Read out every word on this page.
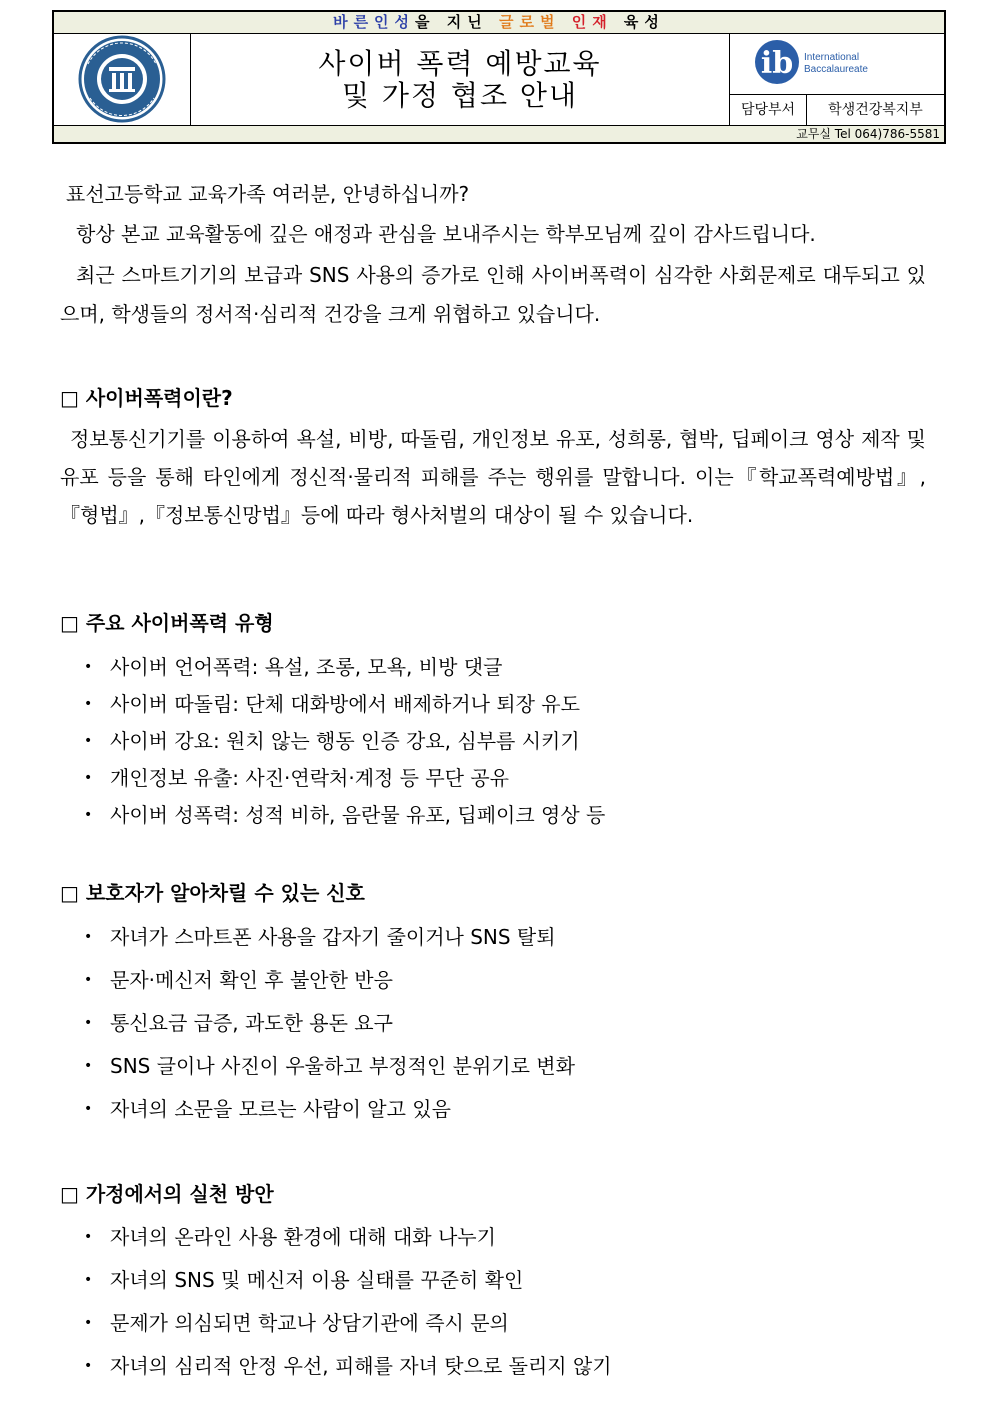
바른인성을 지닌 글로벌 인재 육성
사이버 폭력 예방교육
및 가정 협조 안내
ib International
Baccalaureate
담당부서	학생건강복지부
교무실 Tel 064)786-5581
표선고등학교 교육가족 여러분, 안녕하십니까?
항상 본교 교육활동에 깊은 애정과 관심을 보내주시는 학부모님께 깊이 감사드립니다.
최근 스마트기기의 보급과 SNS 사용의 증가로 인해 사이버폭력이 심각한 사회문제로 대두되고 있으며, 학생들의 정서적·심리적 건강을 크게 위협하고 있습니다.
□ 사이버폭력이란?
정보통신기기를 이용하여 욕설, 비방, 따돌림, 개인정보 유포, 성희롱, 협박, 딥페이크 영상 제작 및 유포 등을 통해 타인에게 정신적·물리적 피해를 주는 행위를 말합니다. 이는『학교폭력예방법』,『형법』,『정보통신망법』등에 따라 형사처벌의 대상이 될 수 있습니다.
□ 주요 사이버폭력 유형
• 사이버 언어폭력: 욕설, 조롱, 모욕, 비방 댓글
• 사이버 따돌림: 단체 대화방에서 배제하거나 퇴장 유도
• 사이버 강요: 원치 않는 행동 인증 강요, 심부름 시키기
• 개인정보 유출: 사진·연락처·계정 등 무단 공유
• 사이버 성폭력: 성적 비하, 음란물 유포, 딥페이크 영상 등
□ 보호자가 알아차릴 수 있는 신호
• 자녀가 스마트폰 사용을 갑자기 줄이거나 SNS 탈퇴
• 문자·메신저 확인 후 불안한 반응
• 통신요금 급증, 과도한 용돈 요구
• SNS 글이나 사진이 우울하고 부정적인 분위기로 변화
• 자녀의 소문을 모르는 사람이 알고 있음
□ 가정에서의 실천 방안
• 자녀의 온라인 사용 환경에 대해 대화 나누기
• 자녀의 SNS 및 메신저 이용 실태를 꾸준히 확인
• 문제가 의심되면 학교나 상담기관에 즉시 문의
• 자녀의 심리적 안정 우선, 피해를 자녀 탓으로 돌리지 않기
